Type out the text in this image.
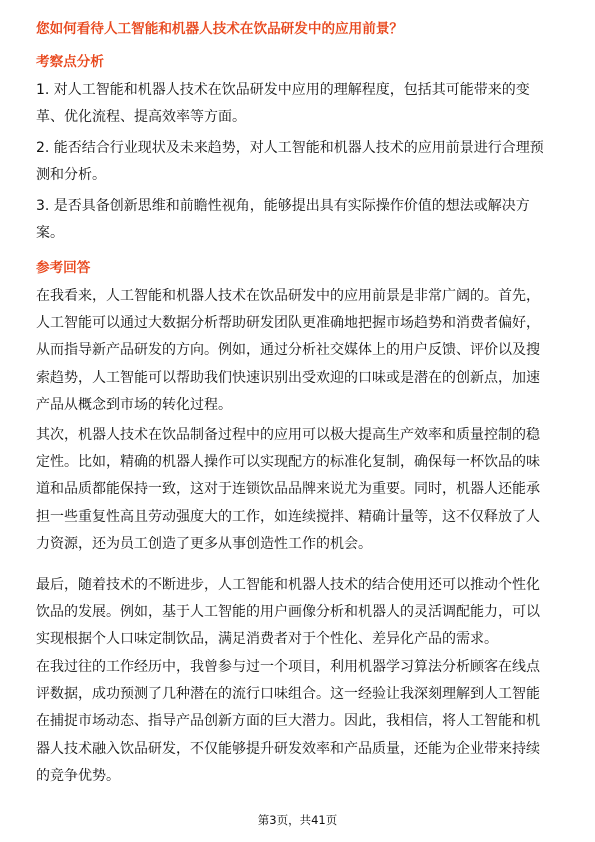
您如何看待人工智能和机器人技术在饮品研发中的应用前景？
考察点分析
1. 对人工智能和机器人技术在饮品研发中应用的理解程度，包括其可能带来的变
革、优化流程、提高效率等方面。
2. 能否结合行业现状及未来趋势，对人工智能和机器人技术的应用前景进行合理预
测和分析。
3. 是否具备创新思维和前瞻性视角，能够提出具有实际操作价值的想法或解决方
案。
参考回答
在我看来，人工智能和机器人技术在饮品研发中的应用前景是非常广阔的。首先，
人工智能可以通过大数据分析帮助研发团队更准确地把握市场趋势和消费者偏好，
从而指导新产品研发的方向。例如，通过分析社交媒体上的用户反馈、评价以及搜
索趋势，人工智能可以帮助我们快速识别出受欢迎的口味或是潜在的创新点，加速
产品从概念到市场的转化过程。
其次，机器人技术在饮品制备过程中的应用可以极大提高生产效率和质量控制的稳
定性。比如，精确的机器人操作可以实现配方的标准化复制，确保每一杯饮品的味
道和品质都能保持一致，这对于连锁饮品品牌来说尤为重要。同时，机器人还能承
担一些重复性高且劳动强度大的工作，如连续搅拌、精确计量等，这不仅释放了人
力资源，还为员工创造了更多从事创造性工作的机会。
最后，随着技术的不断进步，人工智能和机器人技术的结合使用还可以推动个性化
饮品的发展。例如，基于人工智能的用户画像分析和机器人的灵活调配能力，可以
实现根据个人口味定制饮品，满足消费者对于个性化、差异化产品的需求。
在我过往的工作经历中，我曾参与过一个项目，利用机器学习算法分析顾客在线点
评数据，成功预测了几种潜在的流行口味组合。这一经验让我深刻理解到人工智能
在捕捉市场动态、指导产品创新方面的巨大潜力。因此，我相信，将人工智能和机
器人技术融入饮品研发，不仅能够提升研发效率和产品质量，还能为企业带来持续
的竞争优势。
第3页，共41页
